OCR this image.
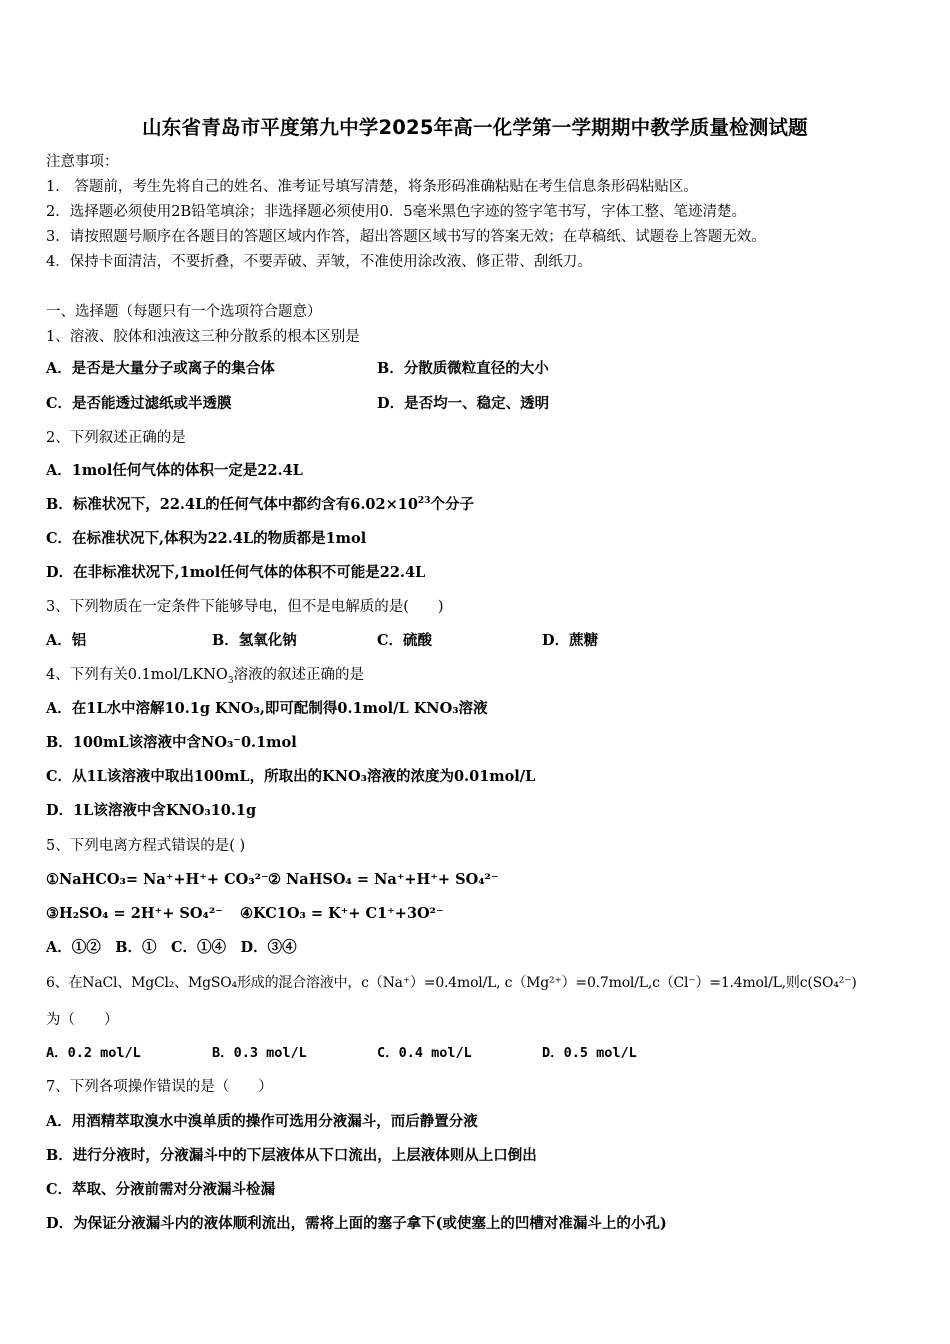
山东省青岛市平度第九中学2025年高一化学第一学期期中教学质量检测试题
注意事项：
1． 答题前，考生先将自己的姓名、准考证号填写清楚，将条形码准确粘贴在考生信息条形码粘贴区。
2．选择题必须使用2B铅笔填涂；非选择题必须使用0．5毫米黑色字迹的签字笔书写，字体工整、笔迹清楚。
3．请按照题号顺序在各题目的答题区域内作答，超出答题区域书写的答案无效；在草稿纸、试题卷上答题无效。
4．保持卡面清洁，不要折叠，不要弄破、弄皱，不准使用涂改液、修正带、刮纸刀。
一、选择题（每题只有一个选项符合题意）
1、溶液、胶体和浊液这三种分散系的根本区别是
A．是否是大量分子或离子的集合体	B．分散质微粒直径的大小
C．是否能透过滤纸或半透膜	D．是否均一、稳定、透明
2、下列叙述正确的是
A．1mol任何气体的体积一定是22.4L
B．标准状况下，22.4L的任何气体中都约含有$6.02\times 10^{23}$个分子
C．在标准状况下,体积为22.4L的物质都是1mol
D．在非标准状况下,1mol任何气体的体积不可能是22.4L
3、下列物质在一定条件下能够导电，但不是电解质的是(　　)
A．铝	B．氢氧化钠	C．硫酸	D．蔗糖
4、下列有关$0.1mol/LKNO_3$溶液的叙述正确的是
A．在1L水中溶解10.1g KNO₃,即可配制得0.1mol/L KNO₃溶液
B．100mL该溶液中含NO₃⁻0.1mol
C．从1L该溶液中取出100mL，所取出的KNO₃溶液的浓度为0.01mol/L
D．1L该溶液中含KNO₃10.1g
5、下列电离方程式错误的是( )
①NaHCO₃= Na⁺+H⁺+ CO₃²⁻ ② NaHSO₄ = Na⁺+H⁺+ SO₄²⁻
③H₂SO₄ = 2H⁺+ SO₄²⁻ ④KC1O₃ = K⁺+ C1⁺+3O²⁻
A．①②　B．①　C．①④　D．③④
6、在NaCl、MgCl₂、MgSO₄形成的混合溶液中，c（Na⁺）=0.4mol/L, c（Mg²⁺）=0.7mol/L,c（Cl⁻）=1.4mol/L,则c(SO₄²⁻)
为（　　）
A．0.2 mol/L	B．0.3 mol/L	C．0.4 mol/L	D．0.5 mol/L
7、下列各项操作错误的是（　　）
A．用酒精萃取溴水中溴单质的操作可选用分液漏斗，而后静置分液
B．进行分液时，分液漏斗中的下层液体从下口流出，上层液体则从上口倒出
C．萃取、分液前需对分液漏斗检漏
D．为保证分液漏斗内的液体顺利流出，需将上面的塞子拿下(或使塞上的凹槽对准漏斗上的小孔)
